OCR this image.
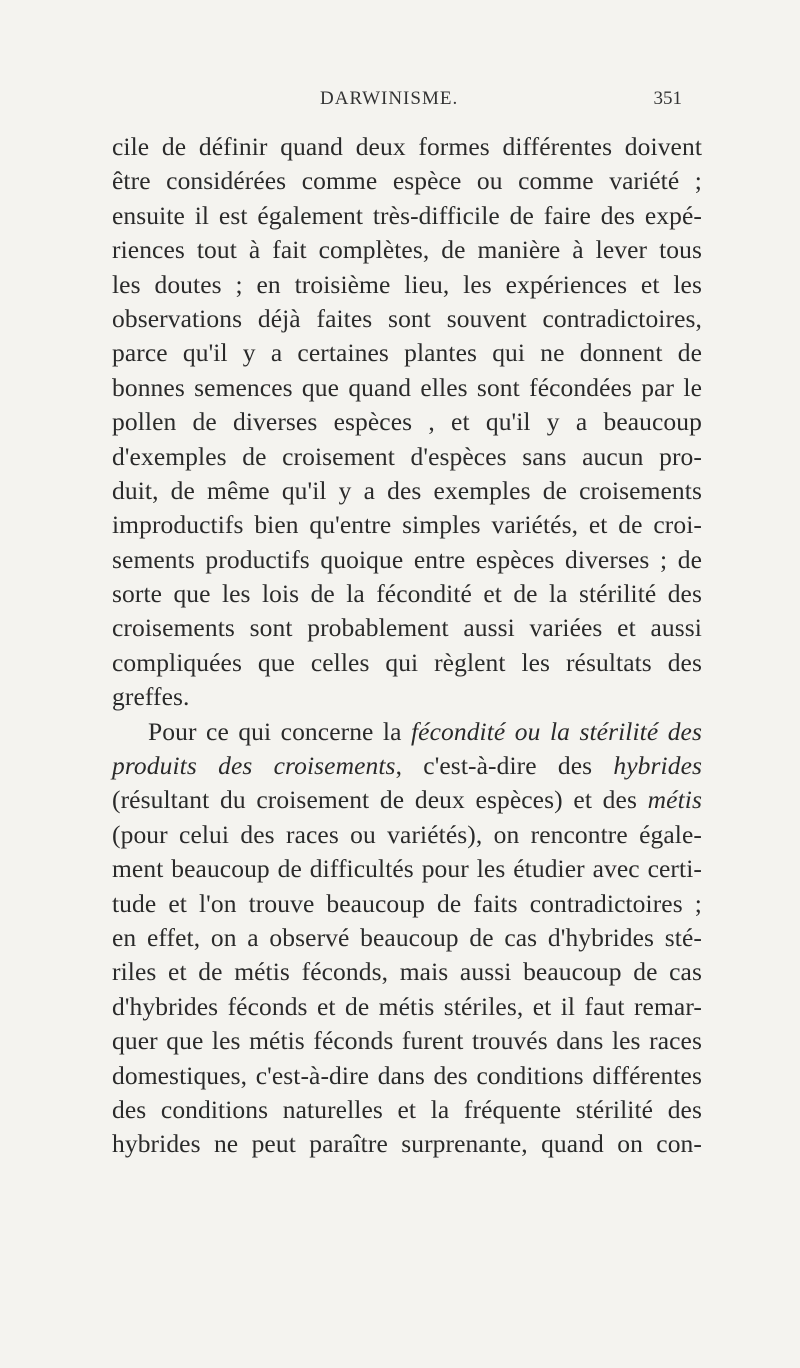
DARWINISME.	351
cile de définir quand deux formes différentes doivent
être considérées comme espèce ou comme variété ;
ensuite il est également très-difficile de faire des expé-
riences tout à fait complètes, de manière à lever tous
les doutes ; en troisième lieu, les expériences et les
observations déjà faites sont souvent contradictoires,
parce qu'il y a certaines plantes qui ne donnent de
bonnes semences que quand elles sont fécondées par le
pollen de diverses espèces , et qu'il y a beaucoup
d'exemples de croisement d'espèces sans aucun pro-
duit, de même qu'il y a des exemples de croisements
improductifs bien qu'entre simples variétés, et de croi-
sements productifs quoique entre espèces diverses ; de
sorte que les lois de la fécondité et de la stérilité des
croisements sont probablement aussi variées et aussi
compliquées que celles qui règlent les résultats des
greffes.
Pour ce qui concerne la fécondité ou la stérilité des
produits des croisements, c'est-à-dire des hybrides
(résultant du croisement de deux espèces) et des métis
(pour celui des races ou variétés), on rencontre égale-
ment beaucoup de difficultés pour les étudier avec certi-
tude et l'on trouve beaucoup de faits contradictoires ;
en effet, on a observé beaucoup de cas d'hybrides sté-
riles et de métis féconds, mais aussi beaucoup de cas
d'hybrides féconds et de métis stériles, et il faut remar-
quer que les métis féconds furent trouvés dans les races
domestiques, c'est-à-dire dans des conditions différentes
des conditions naturelles et la fréquente stérilité des
hybrides ne peut paraître surprenante, quand on con-
